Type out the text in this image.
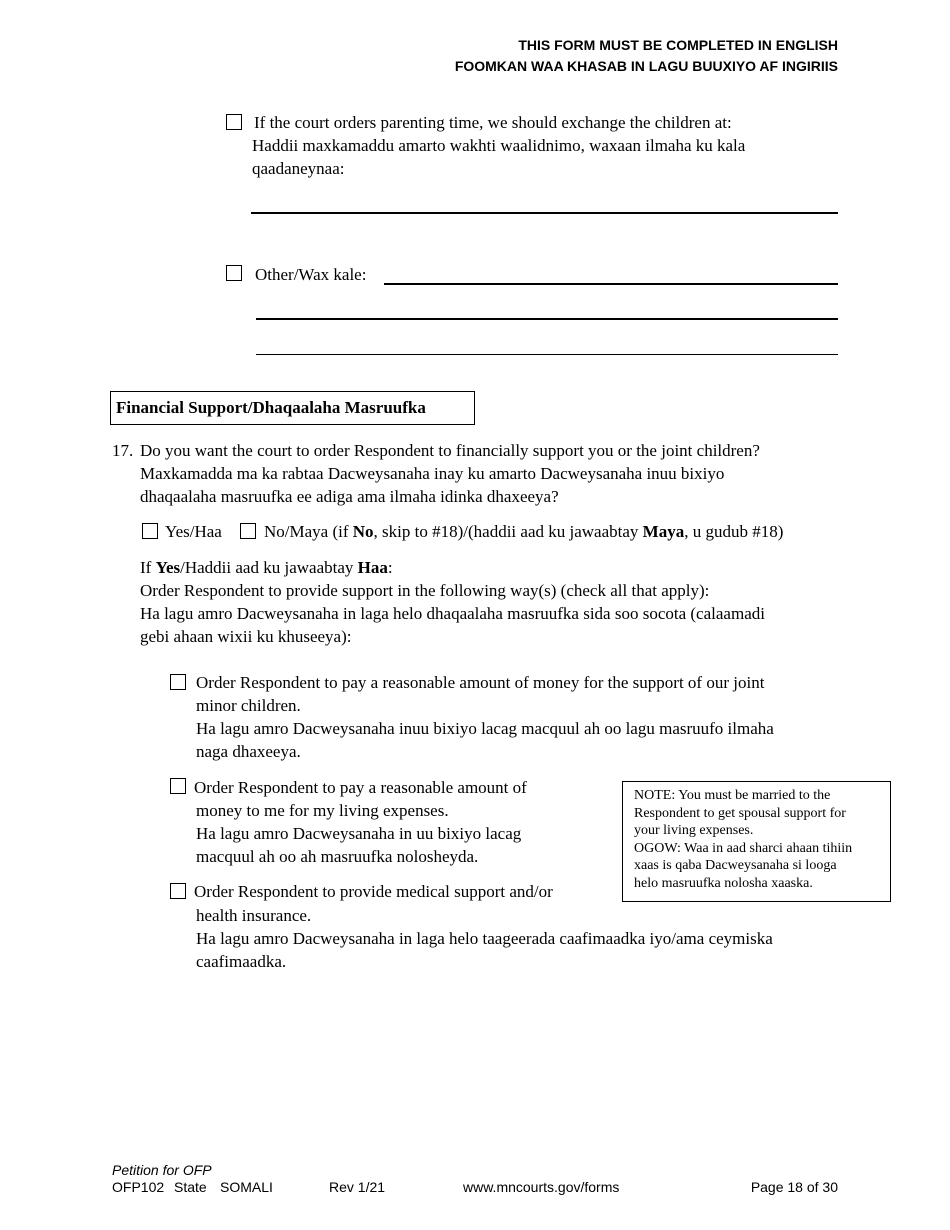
THIS FORM MUST BE COMPLETED IN ENGLISH
FOOMKAN WAA KHASAB IN LAGU BUUXIYO AF INGIRIIS
If the court orders parenting time, we should exchange the children at:
Haddii maxkamaddu amarto wakhti waalidnimo, waxaan ilmaha ku kala
qaadaneynaa:
Other/Wax kale:
Financial Support/Dhaqaalaha Masruufka
17. Do you want the court to order Respondent to financially support you or the joint children?
Maxkamadda ma ka rabtaa Dacweysanaha inay ku amarto Dacweysanaha inuu bixiyo
dhaqaalaha masruufka ee adiga ama ilmaha idinka dhaxeeya?
Yes/Haa No/Maya (if No, skip to #18)/(haddii aad ku jawaabtay Maya, u gudub #18)
If Yes/Haddii aad ku jawaabtay Haa:
Order Respondent to provide support in the following way(s) (check all that apply):
Ha lagu amro Dacweysanaha in laga helo dhaqaalaha masruufka sida soo socota (calaamadi
gebi ahaan wixii ku khuseeya):
Order Respondent to pay a reasonable amount of money for the support of our joint
minor children.
Ha lagu amro Dacweysanaha inuu bixiyo lacag macquul ah oo lagu masruufo ilmaha
naga dhaxeeya.
Order Respondent to pay a reasonable amount of
money to me for my living expenses.
Ha lagu amro Dacweysanaha in uu bixiyo lacag
macquul ah oo ah masruufka nolosheyda.
NOTE: You must be married to the
Respondent to get spousal support for
your living expenses.
OGOW: Waa in aad sharci ahaan tihiin
xaas is qaba Dacweysanaha si looga
helo masruufka nolosha xaaska.
Order Respondent to provide medical support and/or
health insurance.
Ha lagu amro Dacweysanaha in laga helo taageerada caafimaadka iyo/ama ceymiska
caafimaadka.
Petition for OFP
OFP102 State SOMALI	Rev 1/21	www.mncourts.gov/forms	Page 18 of 30
